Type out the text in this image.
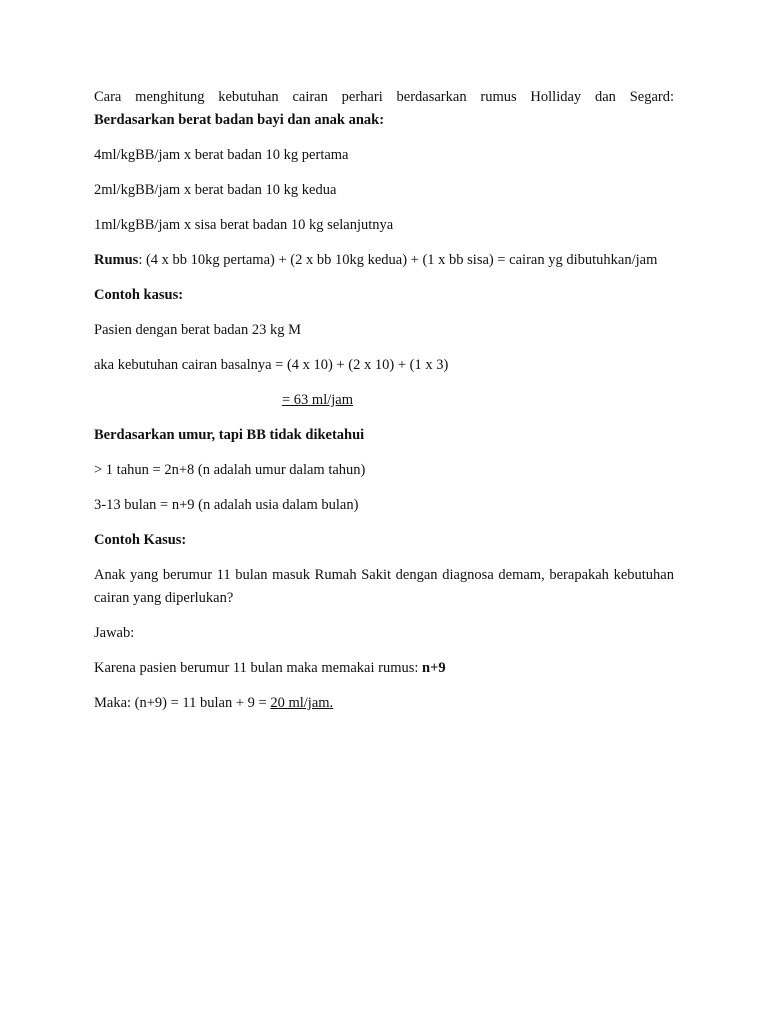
Cara menghitung kebutuhan cairan perhari berdasarkan rumus Holliday dan Segard:
Berdasarkan berat badan bayi dan anak anak:
4ml/kgBB/jam x berat badan 10 kg pertama
2ml/kgBB/jam x berat badan 10 kg kedua
1ml/kgBB/jam x sisa berat badan 10 kg selanjutnya
Rumus: (4 x bb 10kg pertama) + (2 x bb 10kg kedua) + (1 x bb sisa) = cairan yg dibutuhkan/jam
Contoh kasus:
Pasien dengan berat badan 23 kg M
aka kebutuhan cairan basalnya = (4 x 10) + (2 x 10) + (1 x 3)
= 63 ml/jam
Berdasarkan umur, tapi BB tidak diketahui
> 1 tahun = 2n+8 (n adalah umur dalam tahun)
3-13 bulan = n+9 (n adalah usia dalam bulan)
Contoh Kasus:
Anak yang berumur 11 bulan masuk Rumah Sakit dengan diagnosa demam, berapakah kebutuhan cairan yang diperlukan?
Jawab:
Karena pasien berumur 11 bulan maka memakai rumus: n+9
Maka: (n+9) = 11 bulan + 9 = 20 ml/jam.
